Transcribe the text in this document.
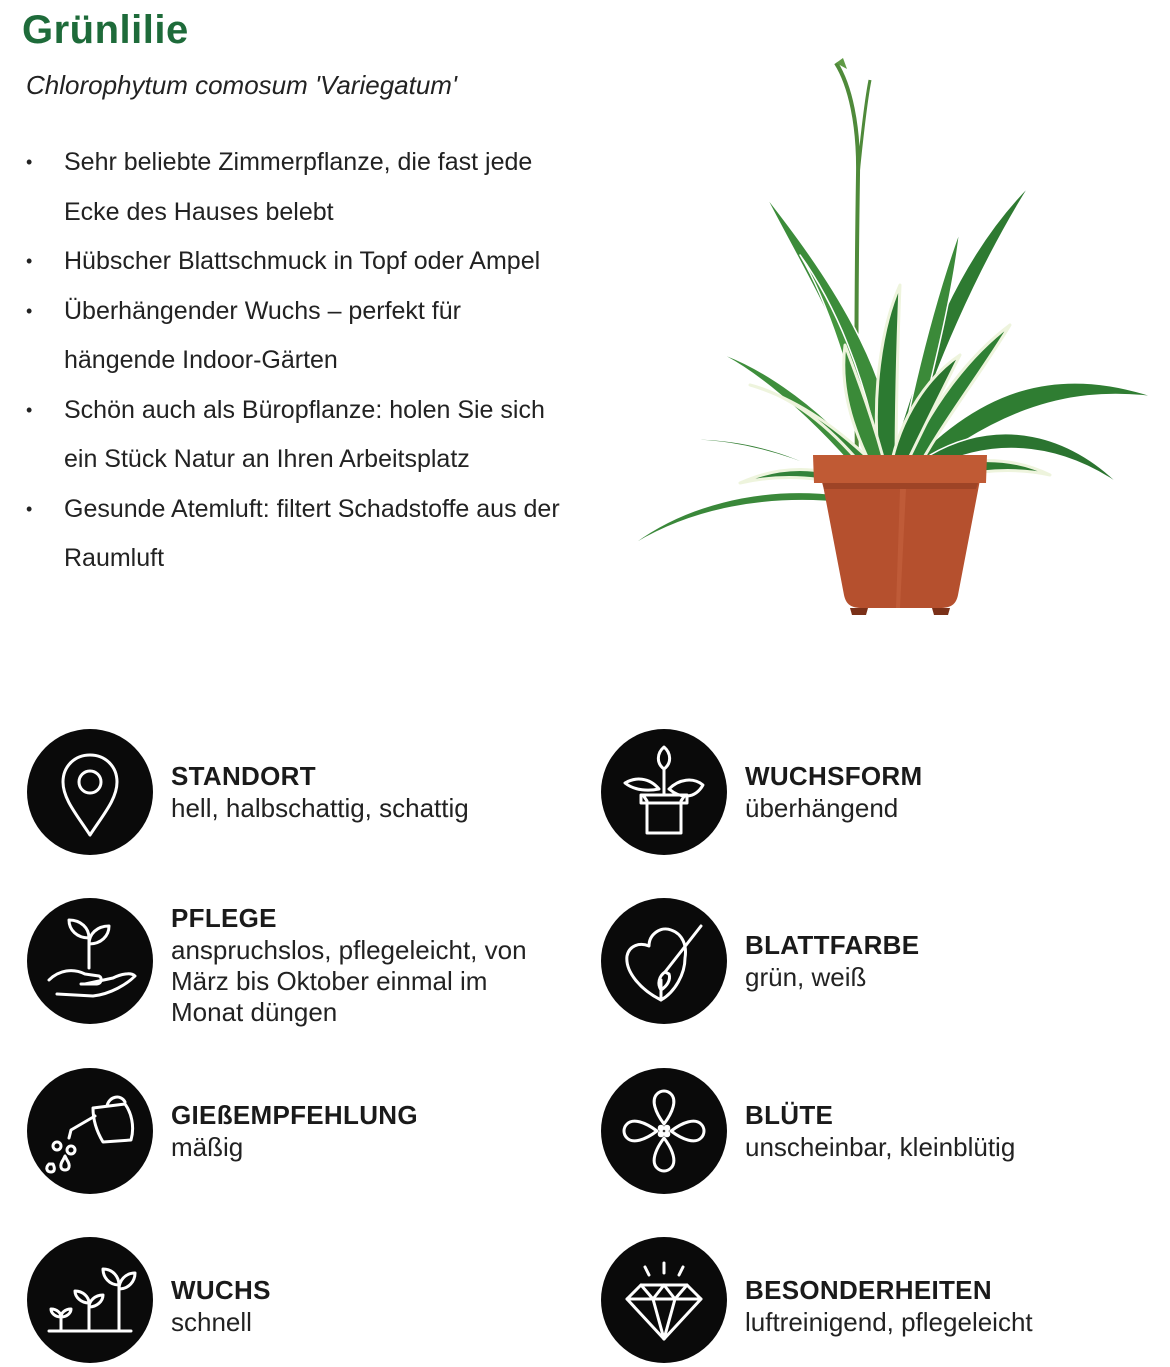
Grünlilie

Chlorophytum comosum 'Variegatum'

• Sehr beliebte Zimmerpflanze, die fast jede Ecke des Hauses belebt
• Hübscher Blattschmuck in Topf oder Ampel
• Überhängender Wuchs – perfekt für hängende Indoor-Gärten
• Schön auch als Büropflanze: holen Sie sich ein Stück Natur an Ihren Arbeitsplatz
• Gesunde Atemluft: filtert Schadstoffe aus der Raumluft
STANDORT
hell, halbschattig, schattig
WUCHSFORM
überhängend
PFLEGE
anspruchslos, pflegeleicht, von März bis Oktober einmal im Monat düngen
BLATTFARBE
grün, weiß
GIEßEMPFEHLUNG
mäßig
BLÜTE
unscheinbar, kleinblütig
WUCHS
schnell
BESONDERHEITEN
luftreinigend, pflegeleicht
